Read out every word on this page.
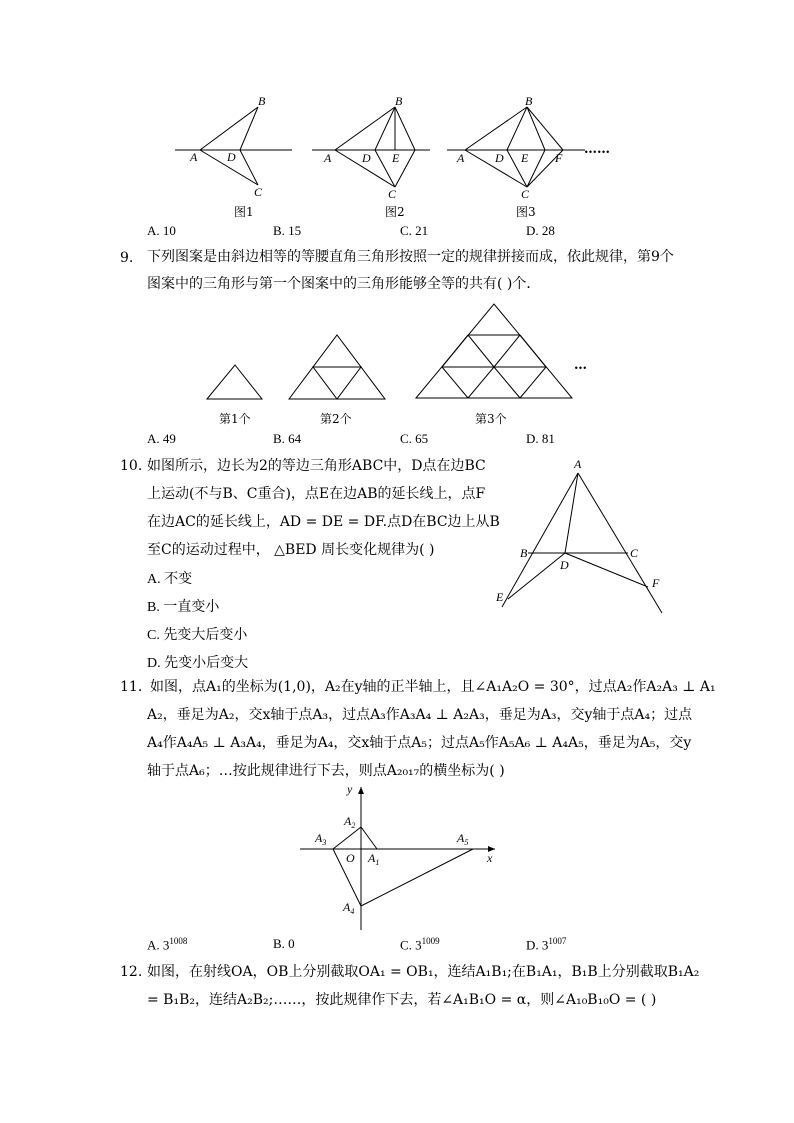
A D
B
C
A	D E
B
C
A	D E F
B
C
……
图1	图2	图3
A. 10	B. 15	C. 21	D. 28
9. 下列图案是由斜边相等的等腰直角三角形按照一定的规律拼接而成，依此规律，第9个
图案中的三角形与第一个图案中的三角形能够全等的共有( )个．
…
第1个	第2个	第3个
A. 49	B. 64	C. 65	D. 81
10. 如图所示，边长为2的等边三角形ABC中，D点在边BC
上运动(不与B、C重合)，点E在边AB的延长线上，点F
在边AC的延长线上，AD = DE = DF.点D在BC边上从B
至C的运动过程中， △BED 周长变化规律为( )
A. 不变
B. 一直变小
C. 先变大后变小
D. 先变小后变大
A
B	C
D
E
F
11. 如图，点A₁的坐标为(1,0)，A₂在y轴的正半轴上，且∠A₁A₂O = 30°，过点A₂作A₂A₃ ⊥ A₁
A₂，垂足为A₂，交x轴于点A₃，过点A₃作A₃A₄ ⊥ A₂A₃，垂足为A₃，交y轴于点A₄；过点
A₄作A₄A₅ ⊥ A₃A₄，垂足为A₄，交x轴于点A₅；过点A₅作A₅A₆ ⊥ A₄A₅，垂足为A₅，交y
轴于点A₆；…按此规律进行下去，则点A₂₀₁₇的横坐标为( )
y
x
O
$A_2$
$A_3$
$A_1$
$A_5$
$A_4$
A. $3^{1008}$	B. 0	C. $3^{1009}$	D. $3^{1007}$
12. 如图，在射线OA，OB上分别截取OA₁ = OB₁，连结A₁B₁;在B₁A₁，B₁B上分别截取B₁A₂
= B₁B₂，连结A₂B₂;……，按此规律作下去，若∠A₁B₁O = α，则∠A₁₀B₁₀O = ( )
